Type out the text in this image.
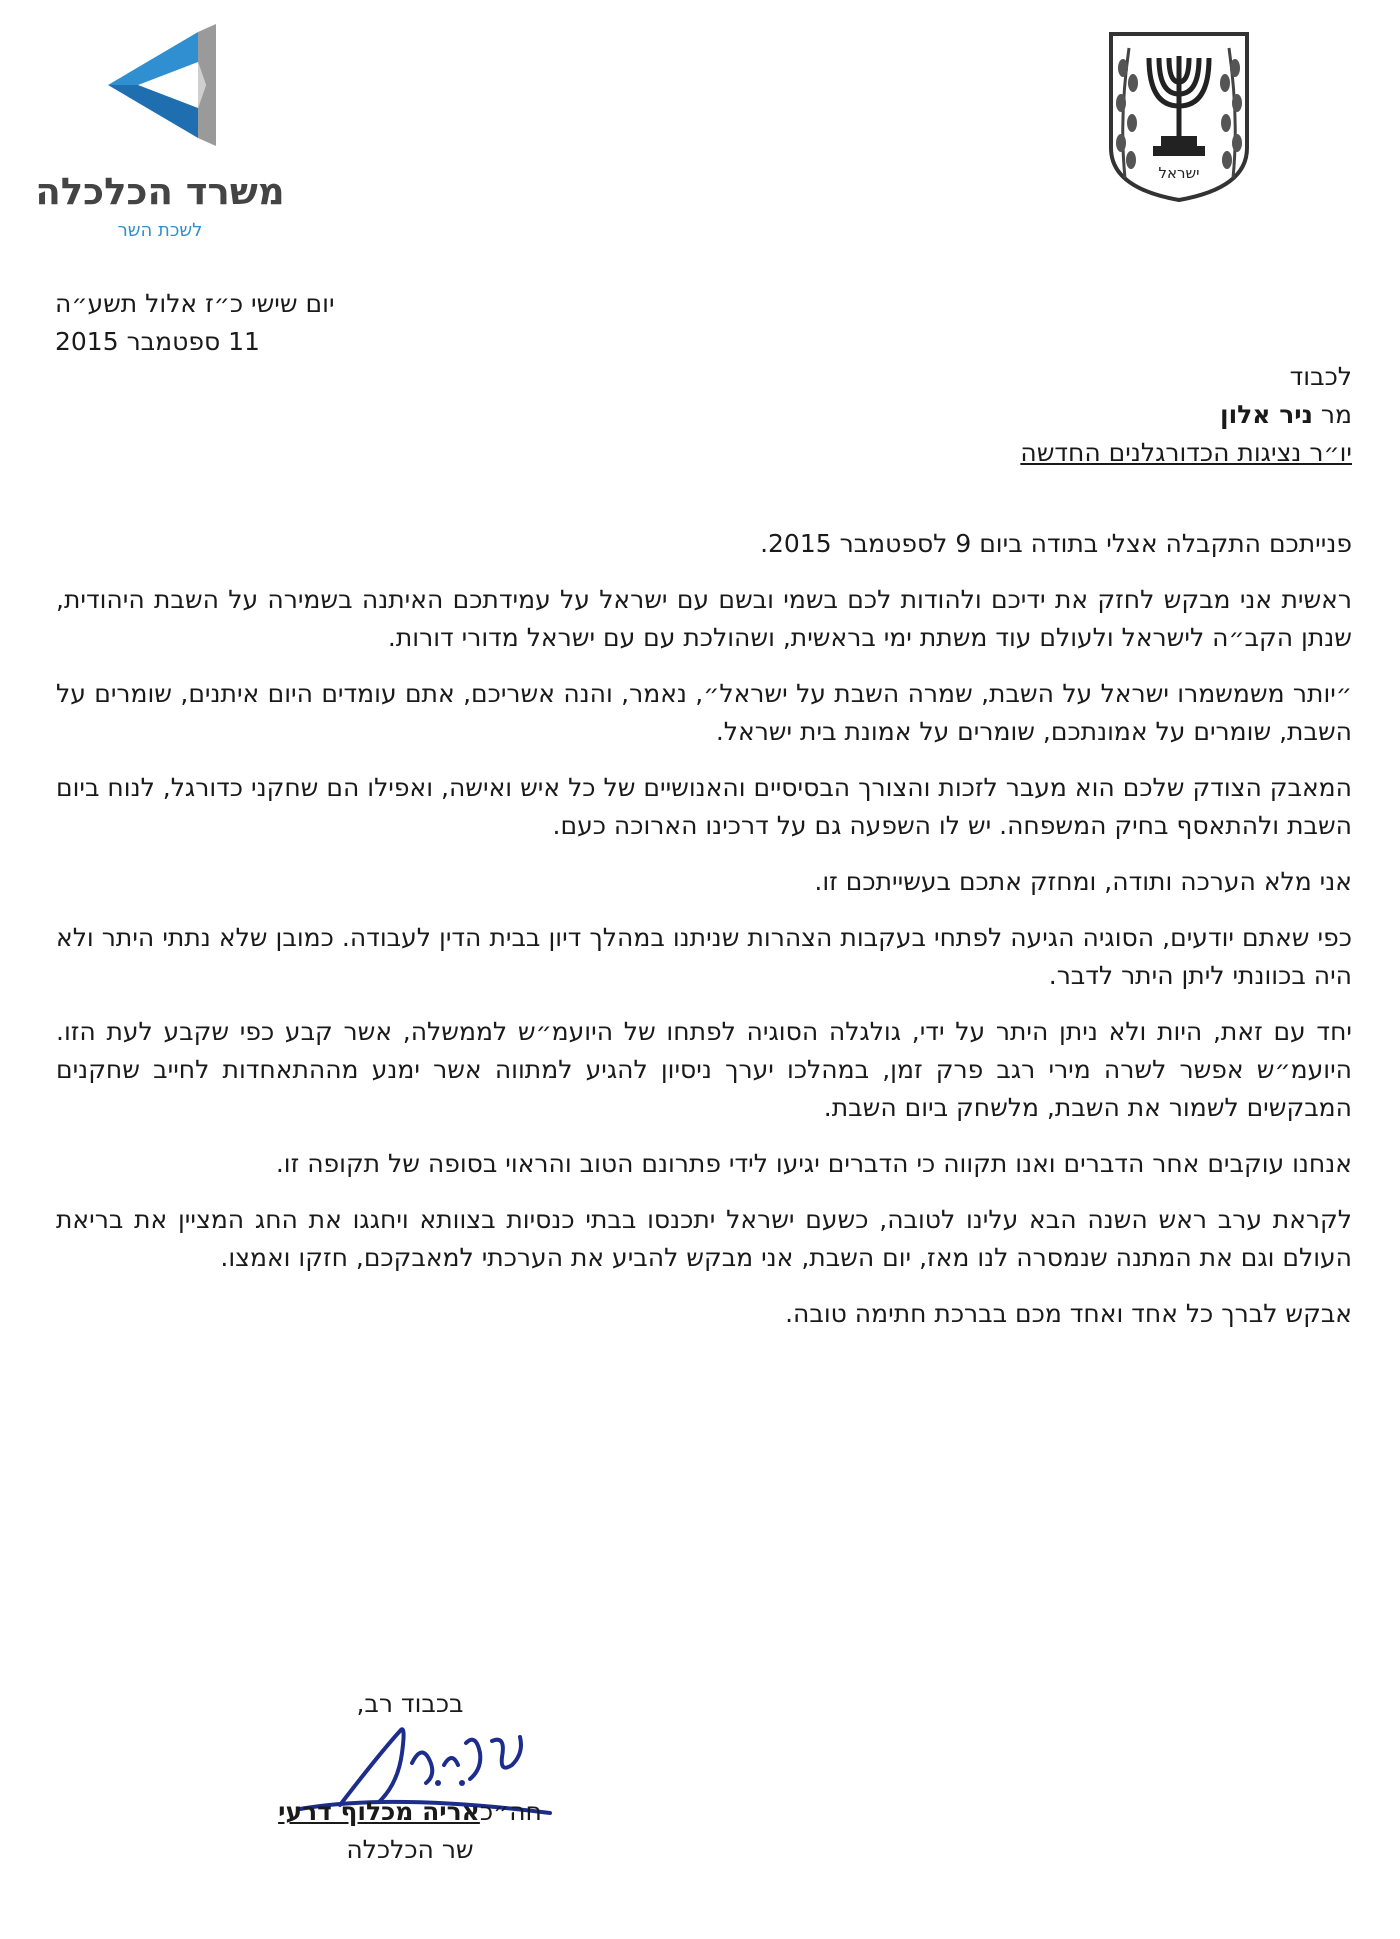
משרד הכלכלה
לשכת השר
ישראל
יום שישי כ״ז אלול תשע״ה
11 ספטמבר 2015
לכבוד
מר ניר אלון
יו״ר נציגות הכדורגלנים החדשה

פנייתכם התקבלה אצלי בתודה ביום 9 לספטמבר 2015.

ראשית אני מבקש לחזק את ידיכם ולהודות לכם בשמי ובשם עם ישראל על עמידתכם האיתנה בשמירה על השבת היהודית, שנתן הקב״ה לישראל ולעולם עוד משתת ימי בראשית, ושהולכת עם עם ישראל מדורי דורות.

״יותר משמשמרו ישראל על השבת, שמרה השבת על ישראל״, נאמר, והנה אשריכם, אתם עומדים היום איתנים, שומרים על השבת, שומרים על אמונתכם, שומרים על אמונת בית ישראל.

המאבק הצודק שלכם הוא מעבר לזכות והצורך הבסיסיים והאנושיים של כל איש ואישה, ואפילו הם שחקני כדורגל, לנוח ביום השבת ולהתאסף בחיק המשפחה. יש לו השפעה גם על דרכינו הארוכה כעם.

אני מלא הערכה ותודה, ומחזק אתכם בעשייתכם זו.

כפי שאתם יודעים, הסוגיה הגיעה לפתחי בעקבות הצהרות שניתנו במהלך דיון בבית הדין לעבודה. כמובן שלא נתתי היתר ולא היה בכוונתי ליתן היתר לדבר.

יחד עם זאת, היות ולא ניתן היתר על ידי, גולגלה הסוגיה לפתחו של היועמ״ש לממשלה, אשר קבע כפי שקבע לעת הזו. היועמ״ש אפשר לשרה מירי רגב פרק זמן, במהלכו יערך ניסיון להגיע למתווה אשר ימנע מההתאחדות לחייב שחקנים המבקשים לשמור את השבת, מלשחק ביום השבת.

אנחנו עוקבים אחר הדברים ואנו תקווה כי הדברים יגיעו לידי פתרונם הטוב והראוי בסופה של תקופה זו.

לקראת ערב ראש השנה הבא עלינו לטובה, כשעם ישראל יתכנסו בבתי כנסיות בצוותא ויחגגו את החג המציין את בריאת העולם וגם את המתנה שנמסרה לנו מאז, יום השבת, אני מבקש להביע את הערכתי למאבקכם, חזקו ואמצו.

אבקש לברך כל אחד ואחד מכם בברכת חתימה טובה.

בכבוד רב,
חה״כאריה מכלוף דרעי
שר הכלכלה
